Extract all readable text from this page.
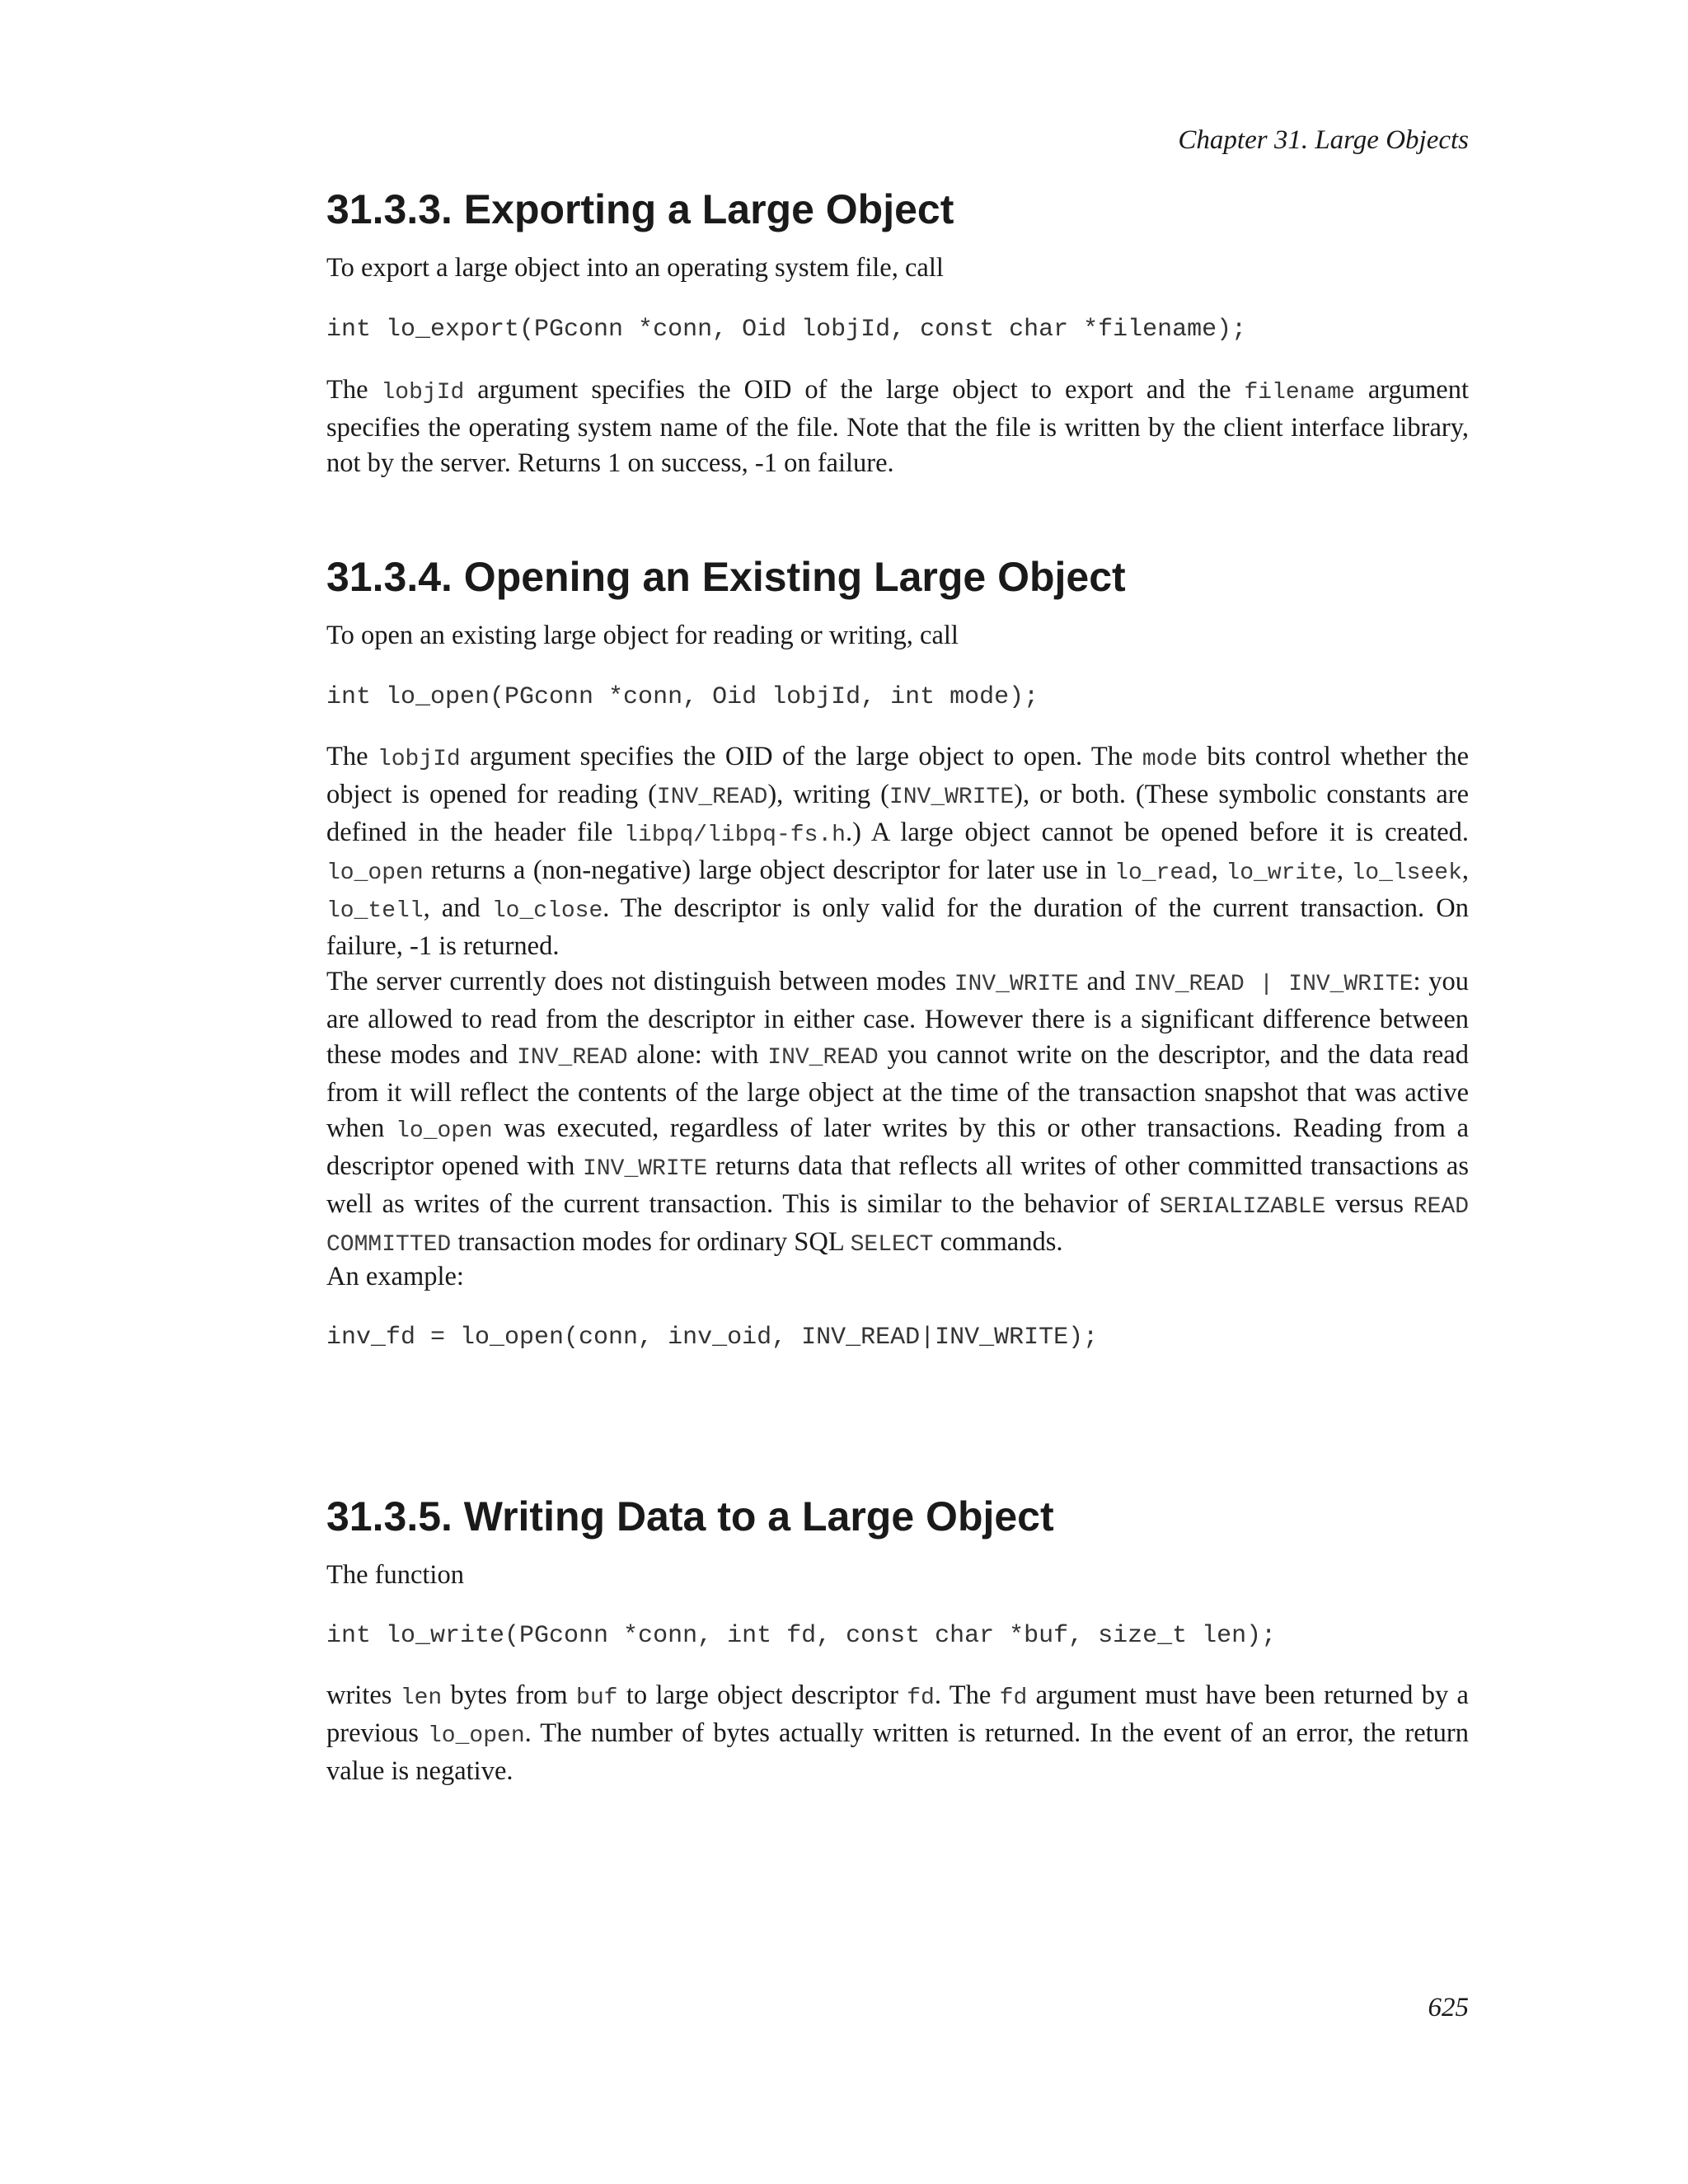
Chapter 31. Large Objects
31.3.3. Exporting a Large Object

To export a large object into an operating system file, call

int lo_export(PGconn *conn, Oid lobjId, const char *filename);

The lobjId argument specifies the OID of the large object to export and the filename argument specifies the operating system name of the file. Note that the file is written by the client interface library, not by the server. Returns 1 on success, -1 on failure.

31.3.4. Opening an Existing Large Object

To open an existing large object for reading or writing, call

int lo_open(PGconn *conn, Oid lobjId, int mode);

The lobjId argument specifies the OID of the large object to open. The mode bits control whether the object is opened for reading (INV_READ), writing (INV_WRITE), or both. (These symbolic constants are defined in the header file libpq/libpq-fs.h.) A large object cannot be opened before it is created. lo_open returns a (non-negative) large object descriptor for later use in lo_read, lo_write, lo_lseek, lo_tell, and lo_close. The descriptor is only valid for the duration of the current transaction. On failure, -1 is returned.

The server currently does not distinguish between modes INV_WRITE and INV_READ | INV_WRITE: you are allowed to read from the descriptor in either case. However there is a significant difference between these modes and INV_READ alone: with INV_READ you cannot write on the descriptor, and the data read from it will reflect the contents of the large object at the time of the transaction snapshot that was active when lo_open was executed, regardless of later writes by this or other transactions. Reading from a descriptor opened with INV_WRITE returns data that reflects all writes of other committed transactions as well as writes of the current transaction. This is similar to the behavior of SERIALIZABLE versus READ COMMITTED transaction modes for ordinary SQL SELECT commands.

An example:

inv_fd = lo_open(conn, inv_oid, INV_READ|INV_WRITE);
31.3.5. Writing Data to a Large Object

The function

int lo_write(PGconn *conn, int fd, const char *buf, size_t len);

writes len bytes from buf to large object descriptor fd. The fd argument must have been returned by a previous lo_open. The number of bytes actually written is returned. In the event of an error, the return value is negative.

625
